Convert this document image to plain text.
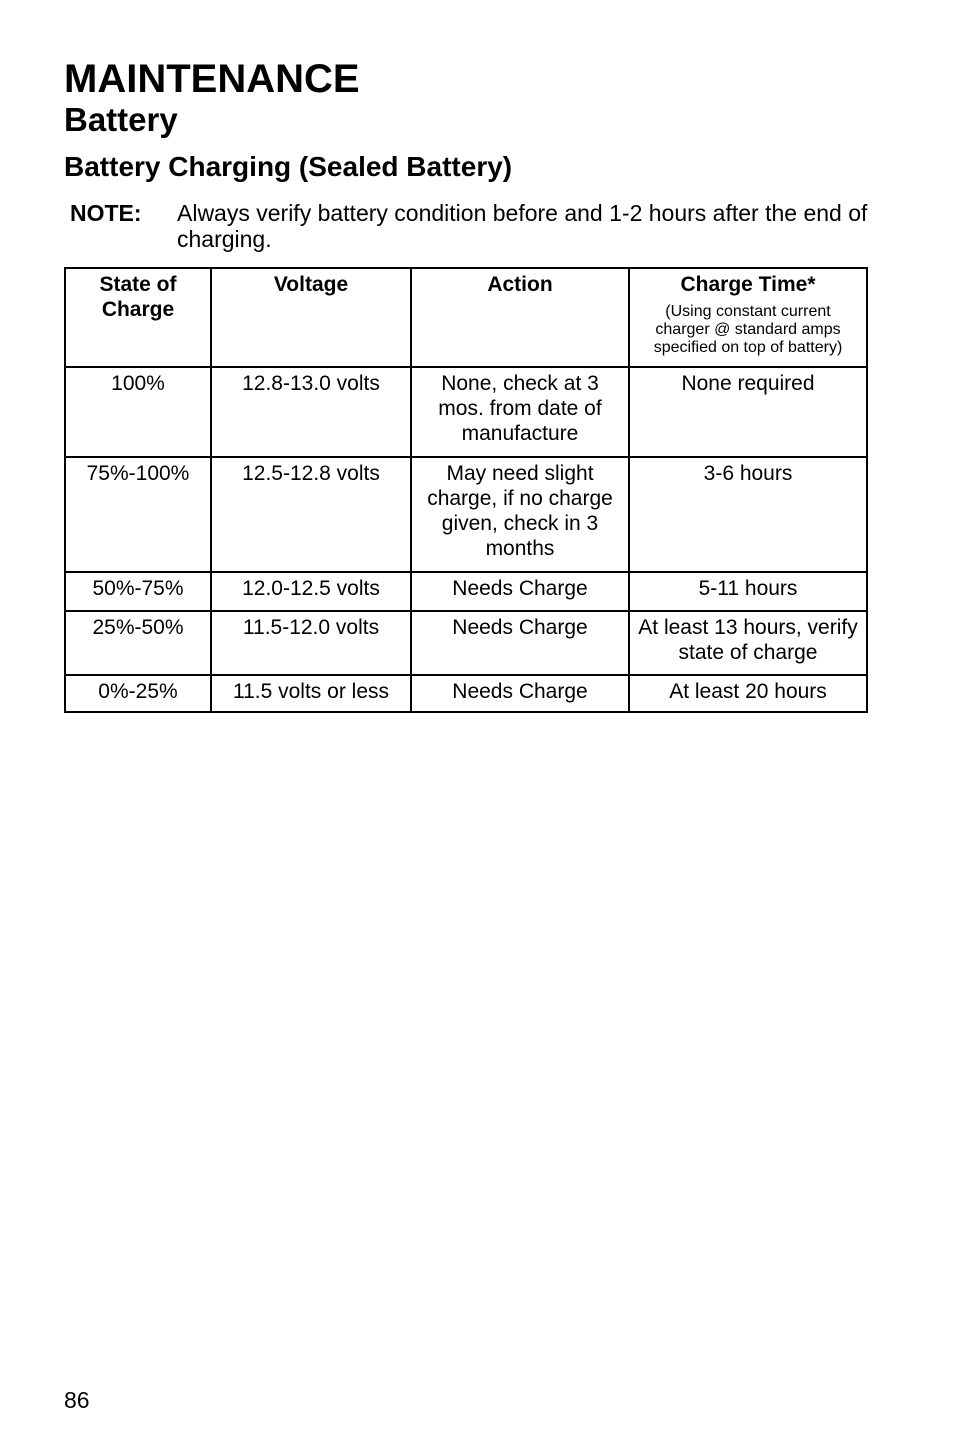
MAINTENANCE
Battery
Battery Charging (Sealed Battery)
NOTE: Always verify battery condition before and 1-2 hours after the end of charging.
State of Charge	Voltage	Action	Charge Time*
(Using constant current charger @ standard amps specified on top of battery)

100%	12.8-13.0 volts	None, check at 3 mos. from date of manufacture	None required
75%-100%	12.5-12.8 volts	May need slight charge, if no charge given, check in 3 months	3-6 hours
50%-75%	12.0-12.5 volts	Needs Charge	5-11 hours
25%-50%	11.5-12.0 volts	Needs Charge	At least 13 hours, verify state of charge
0%-25%	11.5 volts or less	Needs Charge	At least 20 hours
86
